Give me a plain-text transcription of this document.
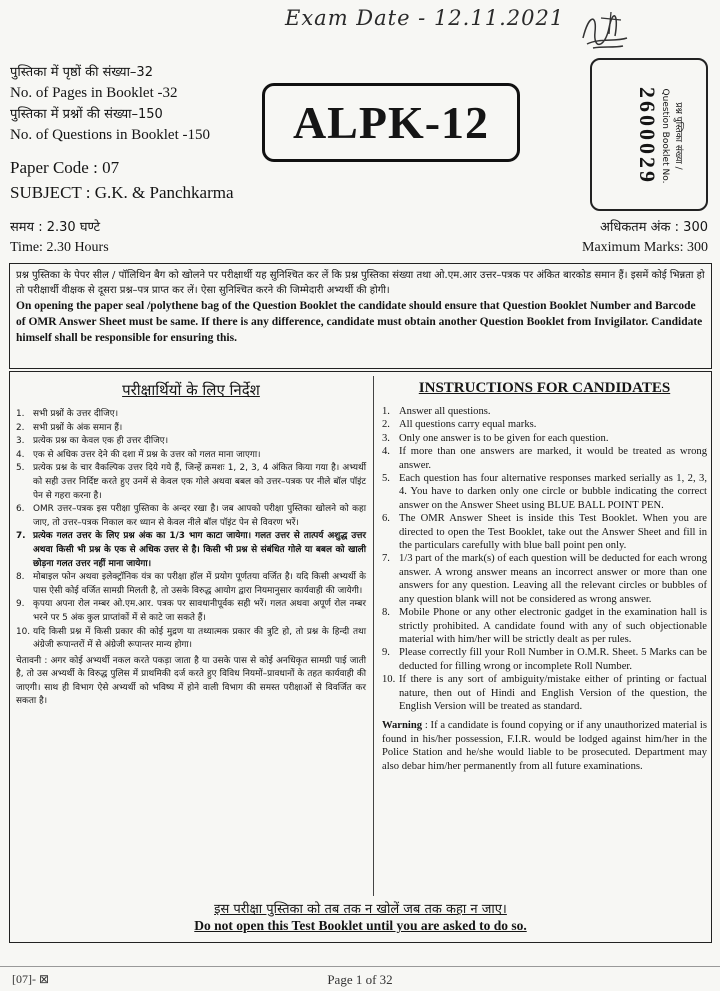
Exam Date - 12.11.2021
पुस्तिका में पृष्ठों की संख्या–32
No. of Pages in Booklet -32
पुस्तिका में प्रश्नों की संख्या–150
No. of Questions in Booklet -150	ALPK-12	2600029 प्रश्न पुस्तिका संख्या /
Question Booklet No.
Paper Code : 07
SUBJECT : G.K. & Panchkarma
समय : 2.30 घण्टे
Time: 2.30 Hours
अधिकतम अंक : 300
Maximum Marks: 300
प्रश्न पुस्तिका के पेपर सील / पॉलिथिन बैग को खोलने पर परीक्षार्थी यह सुनिश्चित कर लें कि प्रश्न पुस्तिका संख्या तथा ओ.एम.आर उत्तर–पत्रक पर अंकित बारकोड समान हैं। इसमें कोई भिन्नता हो तो परीक्षार्थी वीक्षक से दूसरा प्रश्न–पत्र प्राप्त कर लें। ऐसा सुनिश्चित करने की जिम्मेदारी अभ्यर्थी की होगी।
On opening the paper seal /polythene bag of the Question Booklet the candidate should ensure that Question Booklet Number and Barcode of OMR Answer Sheet must be same. If there is any difference, candidate must obtain another Question Booklet from Invigilator. Candidate himself shall be responsible for ensuring this.
परीक्षार्थियों के लिए निर्देश
1. सभी प्रश्नों के उत्तर दीजिए।
2. सभी प्रश्नों के अंक समान हैं।
3. प्रत्येक प्रश्न का केवल एक ही उत्तर दीजिए।
4. एक से अधिक उत्तर देने की दशा में प्रश्न के उत्तर को गलत माना जाएगा।
5. प्रत्येक प्रश्न के चार वैकल्पिक उत्तर दिये गये हैं, जिन्हें क्रमशः 1, 2, 3, 4 अंकित किया गया है। अभ्यर्थी को सही उत्तर निर्दिष्ट करते हुए उनमें से केवल एक गोले अथवा बबल को उत्तर–पत्रक पर नीले बॉल पॉइंट पेन से गहरा करना है।
6. OMR उत्तर–पत्रक इस परीक्षा पुस्तिका के अन्दर रखा है। जब आपको परीक्षा पुस्तिका खोलने को कहा जाए, तो उत्तर–पत्रक निकाल कर ध्यान से केवल नीले बॉल पॉइंट पेन से विवरण भरें।
7. प्रत्येक गलत उत्तर के लिए प्रश्न अंक का 1/3 भाग काटा जायेगा। गलत उत्तर से तात्पर्य अशुद्ध उत्तर अथवा किसी भी प्रश्न के एक से अधिक उत्तर से है। किसी भी प्रश्न से संबंधित गोले या बबल को खाली छोड़ना गलत उत्तर नहीं माना जायेगा।
8. मोबाइल फोन अथवा इलेक्ट्रॉनिक यंत्र का परीक्षा हॉल में प्रयोग पूर्णतया वर्जित है। यदि किसी अभ्यर्थी के पास ऐसी कोई वर्जित सामग्री मिलती है, तो उसके विरुद्ध आयोग द्वारा नियमानुसार कार्यवाही की जायेगी।
9. कृपया अपना रोल नम्बर ओ.एम.आर. पत्रक पर सावधानीपूर्वक सही भरें। गलत अथवा अपूर्ण रोल नम्बर भरने पर 5 अंक कुल प्राप्तांकों में से काटे जा सकते हैं।
10. यदि किसी प्रश्न में किसी प्रकार की कोई मुद्रण या तथ्यात्मक प्रकार की त्रुटि हो, तो प्रश्न के हिन्दी तथा अंग्रेजी रूपान्तरों में से अंग्रेजी रूपान्तर मान्य होगा।
चेतावनी : अगर कोई अभ्यर्थी नकल करते पकड़ा जाता है या उसके पास से कोई अनधिकृत सामग्री पाई जाती है, तो उस अभ्यर्थी के विरुद्ध पुलिस में प्राथमिकी दर्ज करते हुए विविध नियमों–प्रावधानों के तहत कार्यवाही की जाएगी। साथ ही विभाग ऐसे अभ्यर्थी को भविष्य में होने वाली विभाग की समस्त परीक्षाओं से विवर्जित कर सकता है।
INSTRUCTIONS FOR CANDIDATES
1. Answer all questions.
2. All questions carry equal marks.
3. Only one answer is to be given for each question.
4. If more than one answers are marked, it would be treated as wrong answer.
5. Each question has four alternative responses marked serially as 1, 2, 3, 4. You have to darken only one circle or bubble indicating the correct answer on the Answer Sheet using BLUE BALL POINT PEN.
6. The OMR Answer Sheet is inside this Test Booklet. When you are directed to open the Test Booklet, take out the Answer Sheet and fill in the particulars carefully with blue ball point pen only.
7. 1/3 part of the mark(s) of each question will be deducted for each wrong answer. A wrong answer means an incorrect answer or more than one answers for any question. Leaving all the relevant circles or bubbles of any question blank will not be considered as wrong answer.
8. Mobile Phone or any other electronic gadget in the examination hall is strictly prohibited. A candidate found with any of such objectionable material with him/her will be strictly dealt as per rules.
9. Please correctly fill your Roll Number in O.M.R. Sheet. 5 Marks can be deducted for filling wrong or incomplete Roll Number.
10. If there is any sort of ambiguity/mistake either of printing or factual nature, then out of Hindi and English Version of the question, the English Version will be treated as standard.
Warning : If a candidate is found copying or if any unauthorized material is found in his/her possession, F.I.R. would be lodged against him/her in the Police Station and he/she would liable to be prosecuted. Department may also debar him/her permanently from all future examinations.
इस परीक्षा पुस्तिका को तब तक न खोलें जब तक कहा न जाए।
Do not open this Test Booklet until you are asked to do so.
[07]- ⊠	Page 1 of 32
